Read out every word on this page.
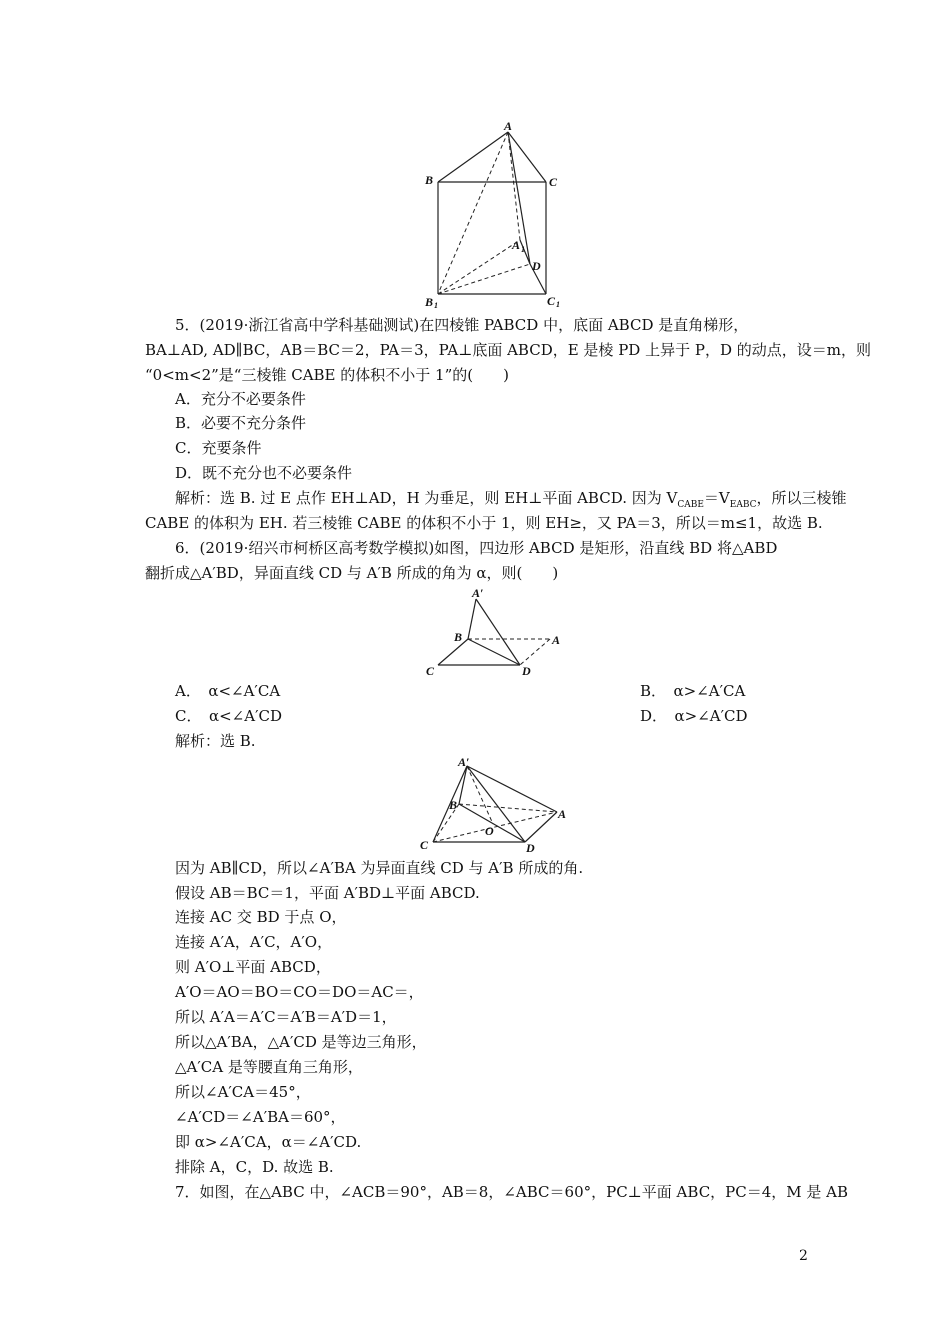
A
B	C
A 1
D
B 1	C 1
5．(2019·浙江省高中学科基础测试)在四棱锥 PABCD 中，底面 ABCD 是直角梯形，
BA⊥AD, AD∥BC，AB＝BC＝2，PA＝3，PA⊥底面 ABCD，E 是棱 PD 上异于 P，D 的动点，设＝m，则
“0<m<2”是“三棱锥 CABE 的体积不小于 1”的(　　)
A．充分不必要条件
B．必要不充分条件
C．充要条件
D．既不充分也不必要条件
解析：选 B. 过 E 点作 EH⊥AD，H 为垂足，则 EH⊥平面 ABCD. 因为 $V_{CABE}=V_{EABC}$，所以三棱锥
CABE 的体积为 EH. 若三棱锥 CABE 的体积不小于 1，则 EH≥，又 PA＝3，所以＝m≤1，故选 B.
6．(2019·绍兴市柯桥区高考数学模拟)如图，四边形 ABCD 是矩形，沿直线 BD 将△ABD
翻折成△A′BD，异面直线 CD 与 A′B 所成的角为 α，则(　　)
A′
B	A
C	D
A．　α<∠A′CA	B．　α>∠A′CA
C．　α<∠A′CD	D．　α>∠A′CD
解析：选 B.
A′
B
A
O
C	D
因为 AB∥CD，所以∠A′BA 为异面直线 CD 与 A′B 所成的角.
假设 AB＝BC＝1，平面 A′BD⊥平面 ABCD.
连接 AC 交 BD 于点 O，
连接 A′A，A′C，A′O，
则 A′O⊥平面 ABCD，
A′O＝AO＝BO＝CO＝DO＝AC＝，
所以 A′A＝A′C＝A′B＝A′D＝1，
所以△A′BA，△A′CD 是等边三角形，
△A′CA 是等腰直角三角形，
所以∠A′CA＝45°，
∠A′CD＝∠A′BA＝60°，
即 α>∠A′CA，α＝∠A′CD.
排除 A，C，D. 故选 B.
7．如图，在△ABC 中，∠ACB＝90°，AB＝8，∠ABC＝60°，PC⊥平面 ABC，PC＝4，M 是 AB
2
